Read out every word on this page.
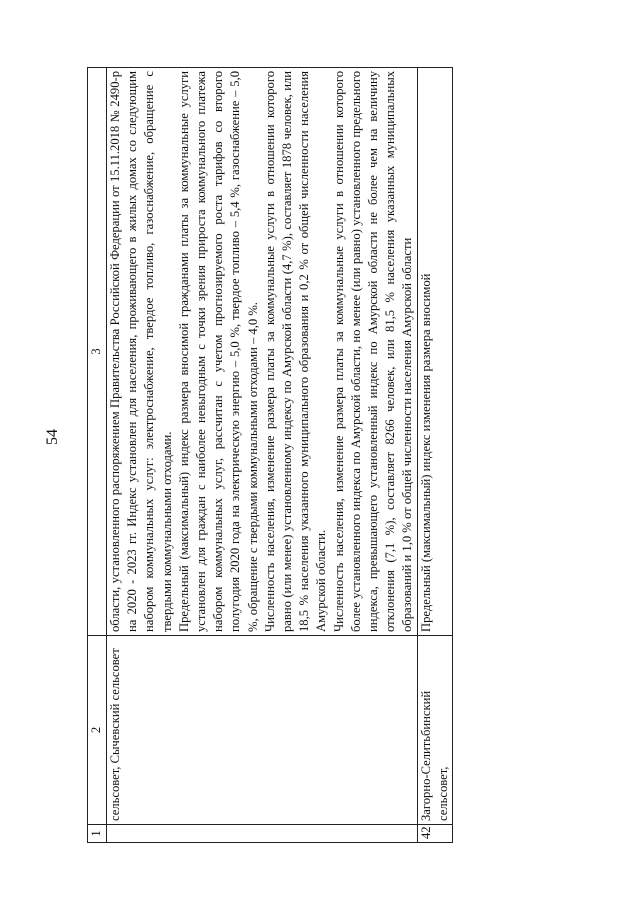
54
1	2	3
	сельсовет, Сычевский сельсовет	области, установленного распоряжением Правительства Российской Федерации от 15.11.2018 № 2490-р на 2020 - 2023 гг. Индекс установлен для населения, проживающего в жилых домах со следующим набором коммунальных услуг: электроснабжение, твердое топливо, газоснабжение, обращение с твердыми коммунальными отходами. Предельный (максимальный) индекс размера вносимой гражданами платы за коммунальные услуги установлен для граждан с наиболее невыгодным с точки зрения прироста коммунального платежа набором коммунальных услуг, рассчитан с учетом прогнозируемого роста тарифов со второго полугодия 2020 года на электрическую энергию – 5,0 %, твердое топливо – 5,4 %, газоснабжение – 5,0 %, обращение с твердыми коммунальными отходами – 4,0 %. Численность населения, изменение размера платы за коммунальные услуги в отношении которого равно (или менее) установленному индексу по Амурской области (4,7 %), составляет 1878 человек, или 18,5 % населения указанного муниципального образования и 0,2 % от общей численности населения Амурской области. Численность населения, изменение размера платы за коммунальные услуги в отношении которого более установленного индекса по Амурской области, но менее (или равно) установленного предельного индекса, превышающего установленный индекс по Амурской области не более чем на величину отклонения (7,1 %), составляет 8266 человек, или 81,5 % населения указанных муниципальных образований и 1,0 % от общей численности населения Амурской области

42	Загорно-Селитьбинский сельсовет,	Предельный (максимальный) индекс изменения размера вносимой
